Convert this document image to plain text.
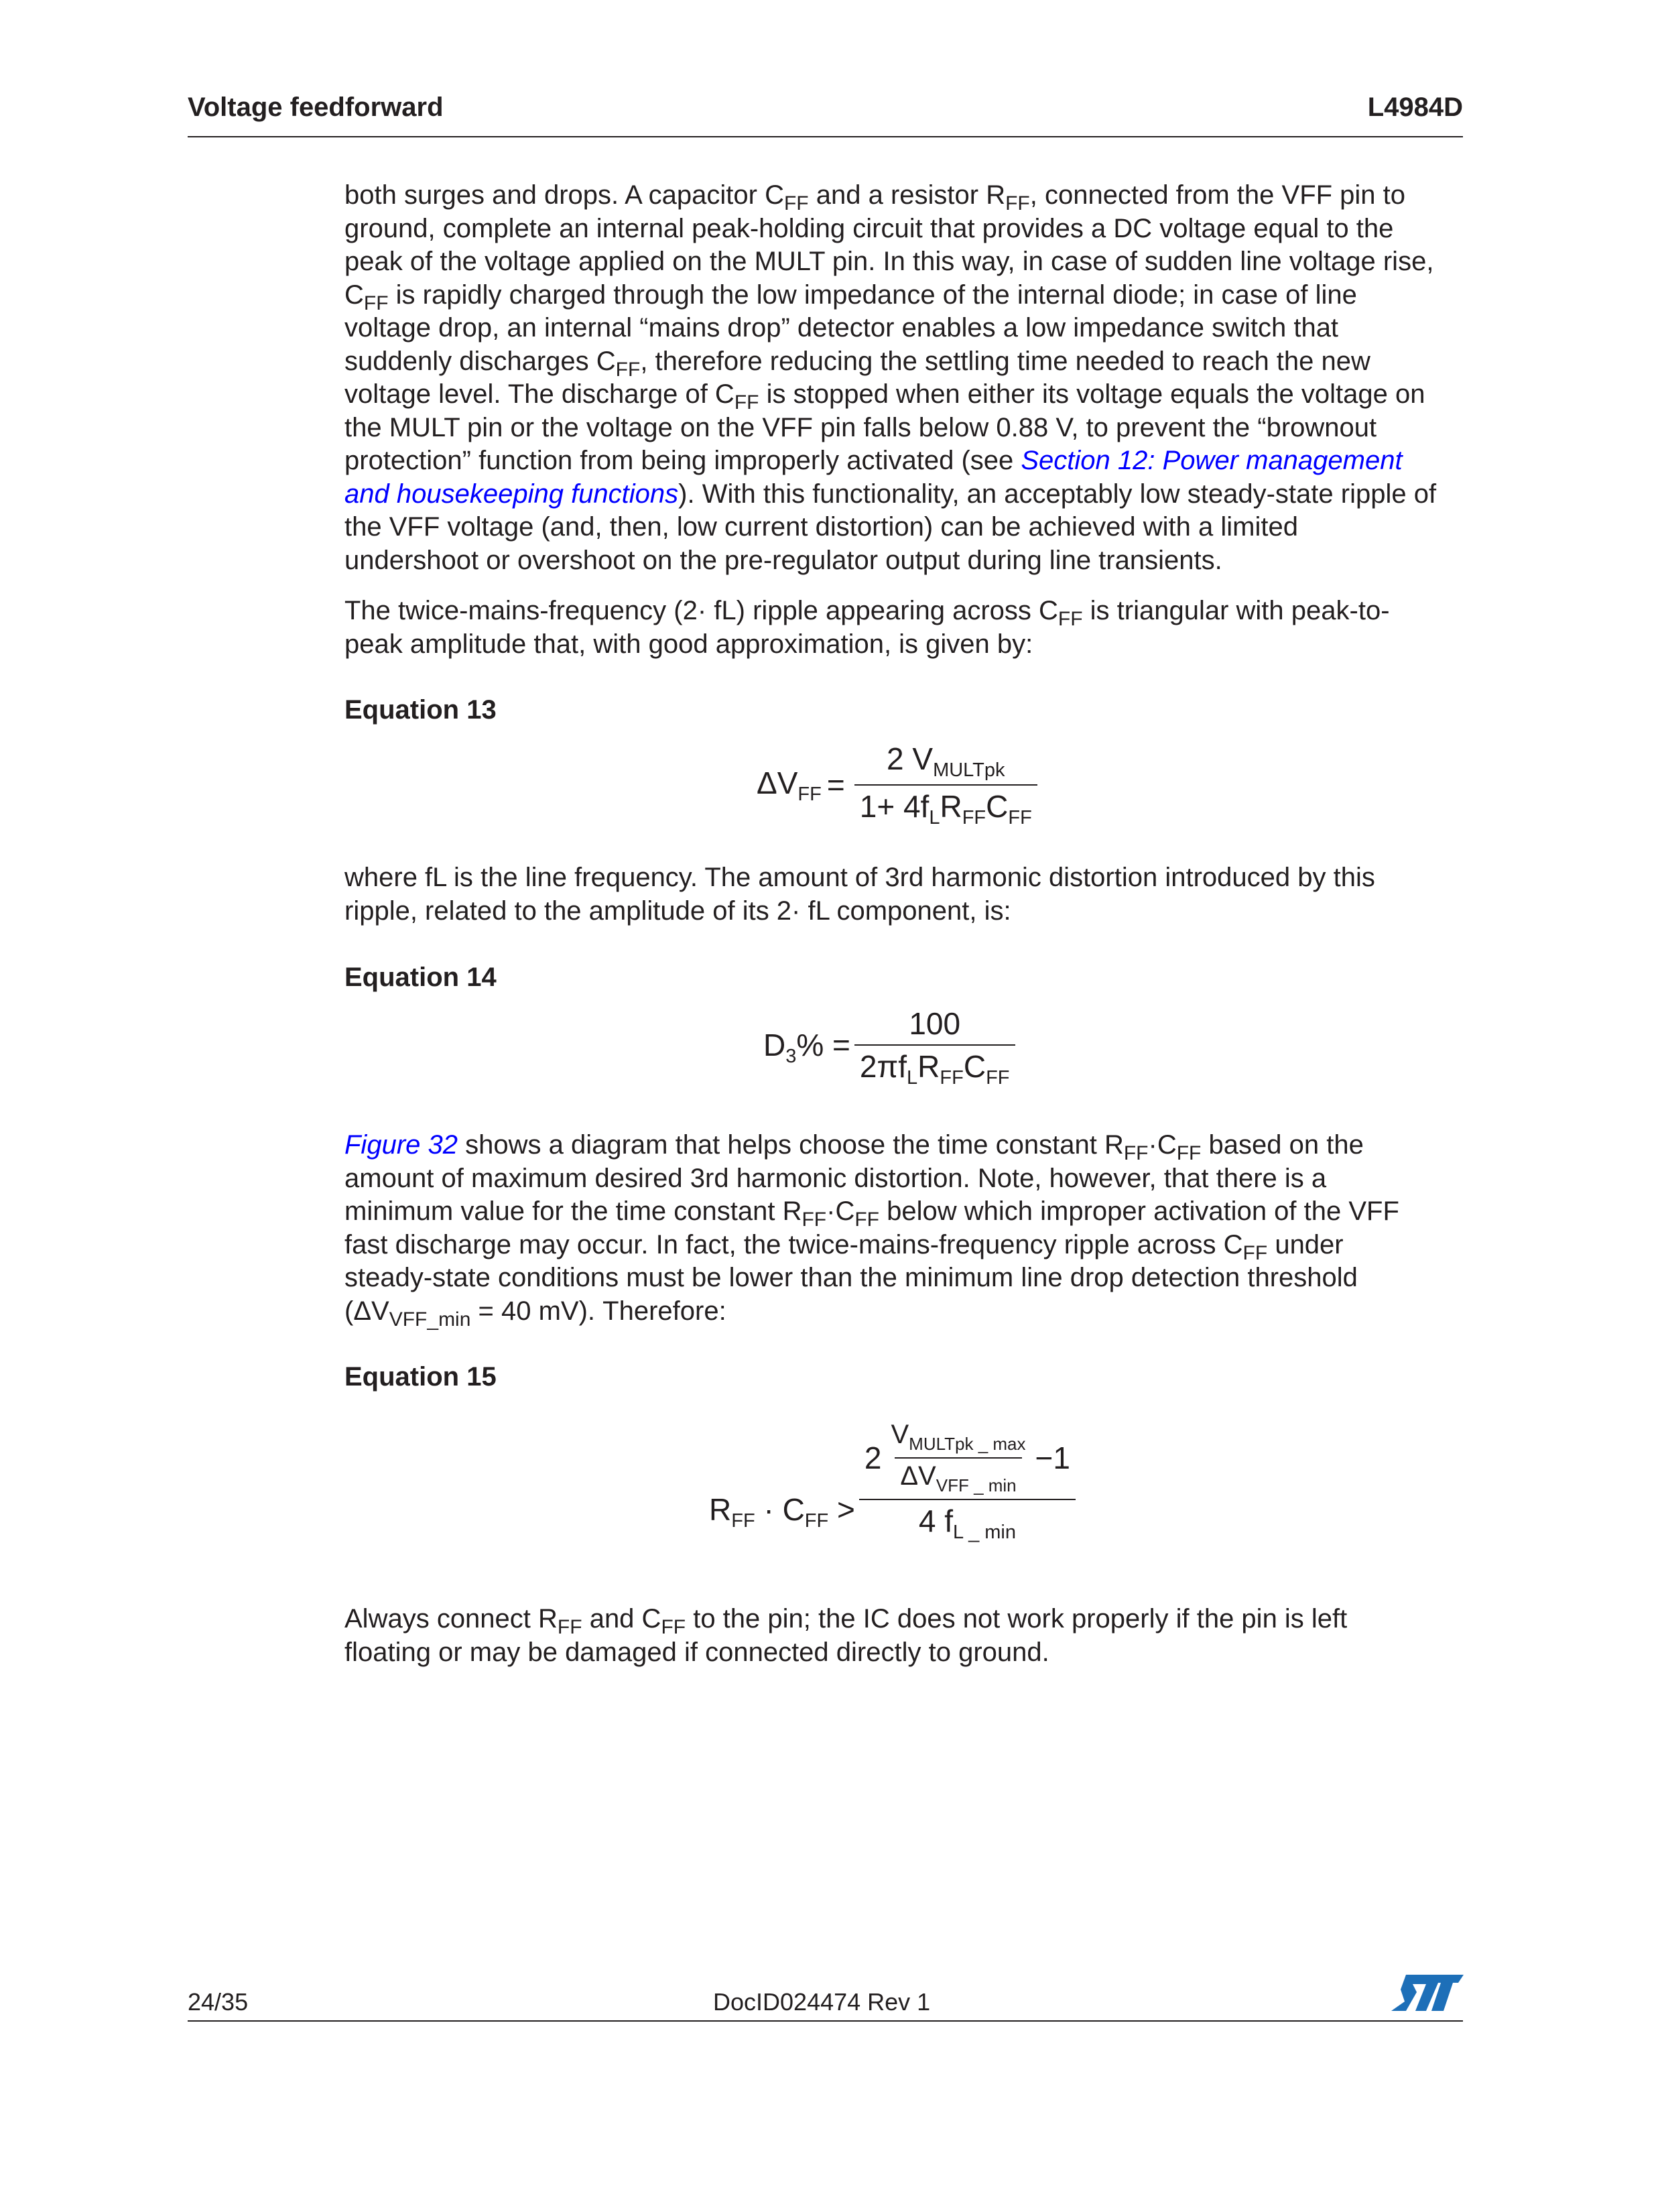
Voltage feedforward	L4984D
both surges and drops. A capacitor $C_{FF}$ and a resistor $R_{FF}$, connected from the VFF pin to
ground, complete an internal peak-holding circuit that provides a DC voltage equal to the
peak of the voltage applied on the MULT pin. In this way, in case of sudden line voltage rise,
$C_{FF}$ is rapidly charged through the low impedance of the internal diode; in case of line
voltage drop, an internal “mains drop” detector enables a low impedance switch that
suddenly discharges $C_{FF}$, therefore reducing the settling time needed to reach the new
voltage level. The discharge of $C_{FF}$ is stopped when either its voltage equals the voltage on
the MULT pin or the voltage on the VFF pin falls below 0.88 V, to prevent the “brownout
protection” function from being improperly activated (see Section 12: Power management
and housekeeping functions). With this functionality, an acceptably low steady-state ripple of
the VFF voltage (and, then, low current distortion) can be achieved with a limited
undershoot or overshoot on the pre-regulator output during line transients.
The twice-mains-frequency (2· fL) ripple appearing across $C_{FF}$ is triangular with peak-to-
peak amplitude that, with good approximation, is given by:
Equation 13
$\Delta V_{FF} = \frac{2 V_{MULTpk}}{1+ 4f_LR_{FF}C_{FF}}$
where fL is the line frequency. The amount of 3rd harmonic distortion introduced by this
ripple, related to the amplitude of its 2· fL component, is:
Equation 14
$D_3\% = \frac{100}{2\pi f_LR_{FF}C_{FF}}$
Figure 32 shows a diagram that helps choose the time constant $R_{FF}\cdot C_{FF}$ based on the
amount of maximum desired 3rd harmonic distortion. Note, however, that there is a
minimum value for the time constant $R_{FF}\cdot C_{FF}$ below which improper activation of the VFF
fast discharge may occur. In fact, the twice-mains-frequency ripple across $C_{FF}$ under
steady-state conditions must be lower than the minimum line drop detection threshold
($\Delta V_{VFF\_min} = 40$ mV). Therefore:
Equation 15
$R_{FF} \cdot C_{FF}$ >
$2 \frac{V_{MULTpk \_ max}}{\Delta V_{VFF \_ min}} -1$
4 $f_{L \_ min}$
Always connect $R_{FF}$ and $C_{FF}$ to the pin; the IC does not work properly if the pin is left
floating or may be damaged if connected directly to ground.
24/35	DocID024474 Rev 1
